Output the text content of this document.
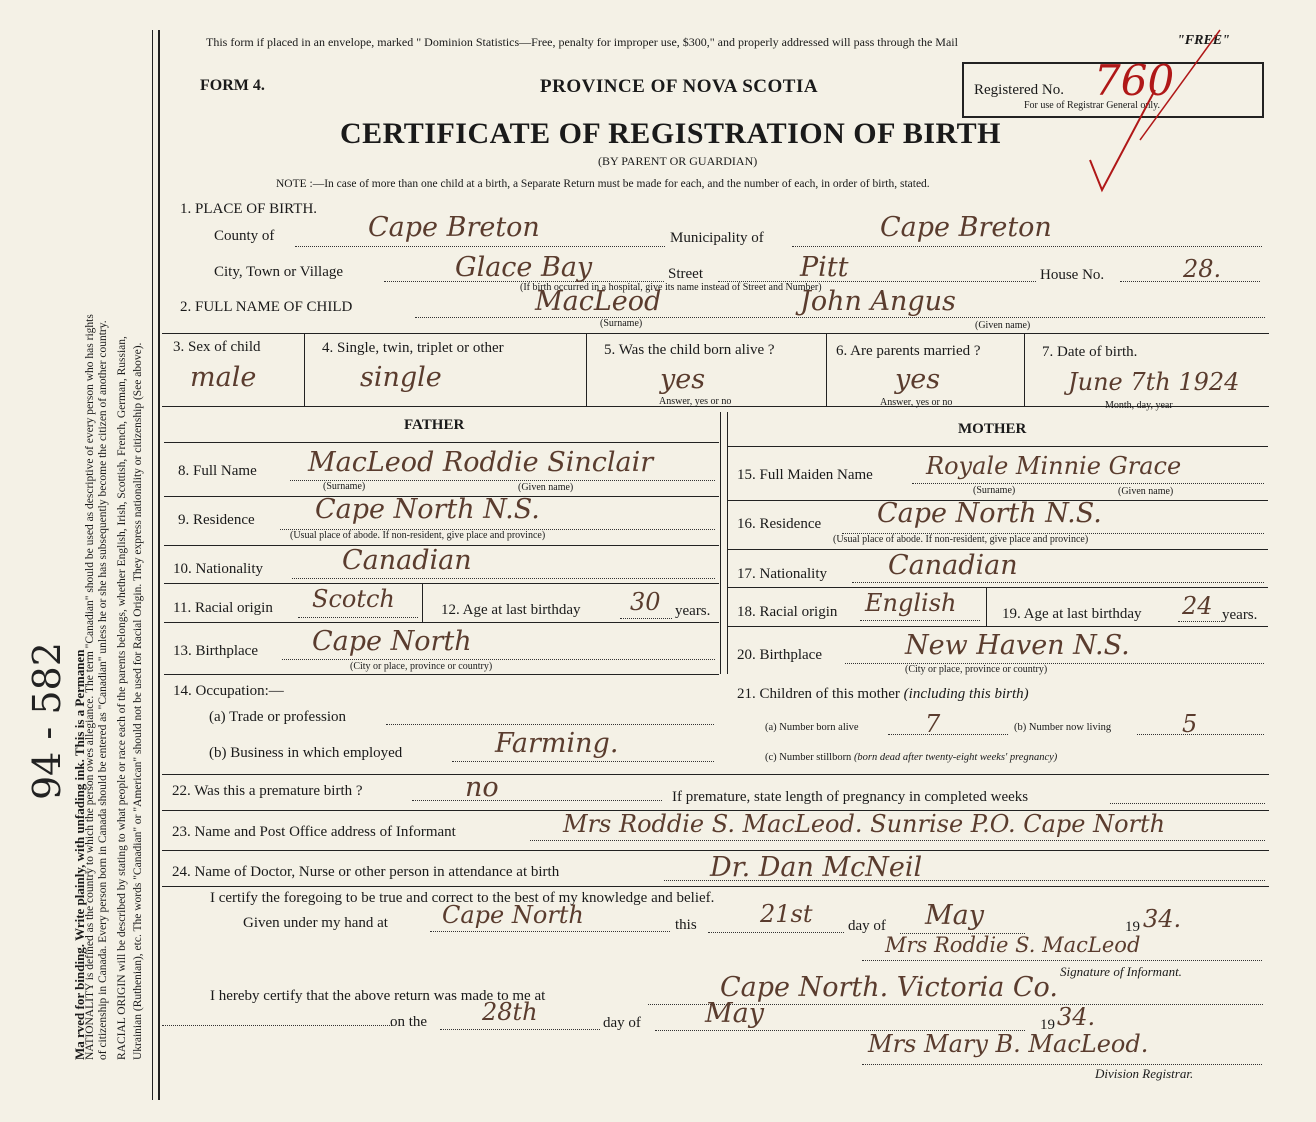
Ma rved for binding. Write plainly, with unfading ink. This is a Permanen
NATIONALITY is defined as the country to which the person owes allegiance. The term "Canadian" should be used as descriptive of every person who has rights of citizenship in Canada. Every person born in Canada should be entered as "Canadian" unless he or she has subsequently become the citizen of another country. RACIAL ORIGIN will be described by stating to what people or race each of the parents belongs, whether English, Irish, Scottish, French, German, Russian, Ukrainian (Ruthenian), etc. The words "Canadian" or "American" should not be used for Racial Origin. They express nationality or citizenship (See above).
94 - 582
This form if placed in an envelope, marked " Dominion Statistics—Free, penalty for improper use, $300," and properly addressed will pass through the Mail	"FREE"
FORM 4.	PROVINCE OF NOVA SCOTIA	Registered No. 760
For use of Registrar General only.
CERTIFICATE OF REGISTRATION OF BIRTH
(BY PARENT OR GUARDIAN)
NOTE :—In case of more than one child at a birth, a Separate Return must be made for each, and the number of each, in order of birth, stated.
1. PLACE OF BIRTH.
County of	Cape Breton	Municipality of	Cape Breton
City, Town or Village	Glace Bay	Street	Pitt	House No.	28.
(If birth occurred in a hospital, give its name instead of Street and Number)
2. FULL NAME OF CHILD	MacLeod	John Angus
(Surname)	(Given name)
3. Sex of child
male
4. Single, twin, triplet or other
single
5. Was the child born alive ?
yes
Answer, yes or no
6. Are parents married ?
yes
Answer, yes or no
7. Date of birth.
June 7th 1924
Month, day, year
FATHER	MOTHER
8. Full Name MacLeod Roddie Sinclair
(Surname)	(Given name)
9. Residence Cape North N.S.
(Usual place of abode. If non-resident, give place and province)
10. Nationality	Canadian
11. Racial origin Scotch	12. Age at last birthday 30 years.
13. Birthplace Cape North
(City or place, province or country)
14. Occupation:—
(a) Trade or profession
(b) Business in which employed	Farming.
15. Full Maiden Name Royale Minnie Grace
(Surname)	(Given name)
16. Residence Cape North N.S.
(Usual place of abode. If non-resident, give place and province)
17. Nationality Canadian
18. Racial origin English	19. Age at last birthday 24 years.
20. Birthplace	New Haven N.S.
(City or place, province or country)
21. Children of this mother (including this birth)
(a) Number born alive	7	(b) Number now living	5
(c) Number stillborn (born dead after twenty-eight weeks' pregnancy)
22. Was this a premature birth ?	no	If premature, state length of pregnancy in completed weeks
23. Name and Post Office address of Informant	Mrs Roddie S. MacLeod. Sunrise P.O. Cape North
24. Name of Doctor, Nurse or other person in attendance at birth	Dr. Dan McNeil
I certify the foregoing to be true and correct to the best of my knowledge and belief.
Given under my hand at Cape North	this	21st day of May	19 34.
Mrs Roddie S. MacLeod
Signature of Informant.
I hereby certify that the above return was made to me at	Cape North. Victoria Co.
on the 28th	day of May	19 34.
Mrs Mary B. MacLeod.
Division Registrar.
